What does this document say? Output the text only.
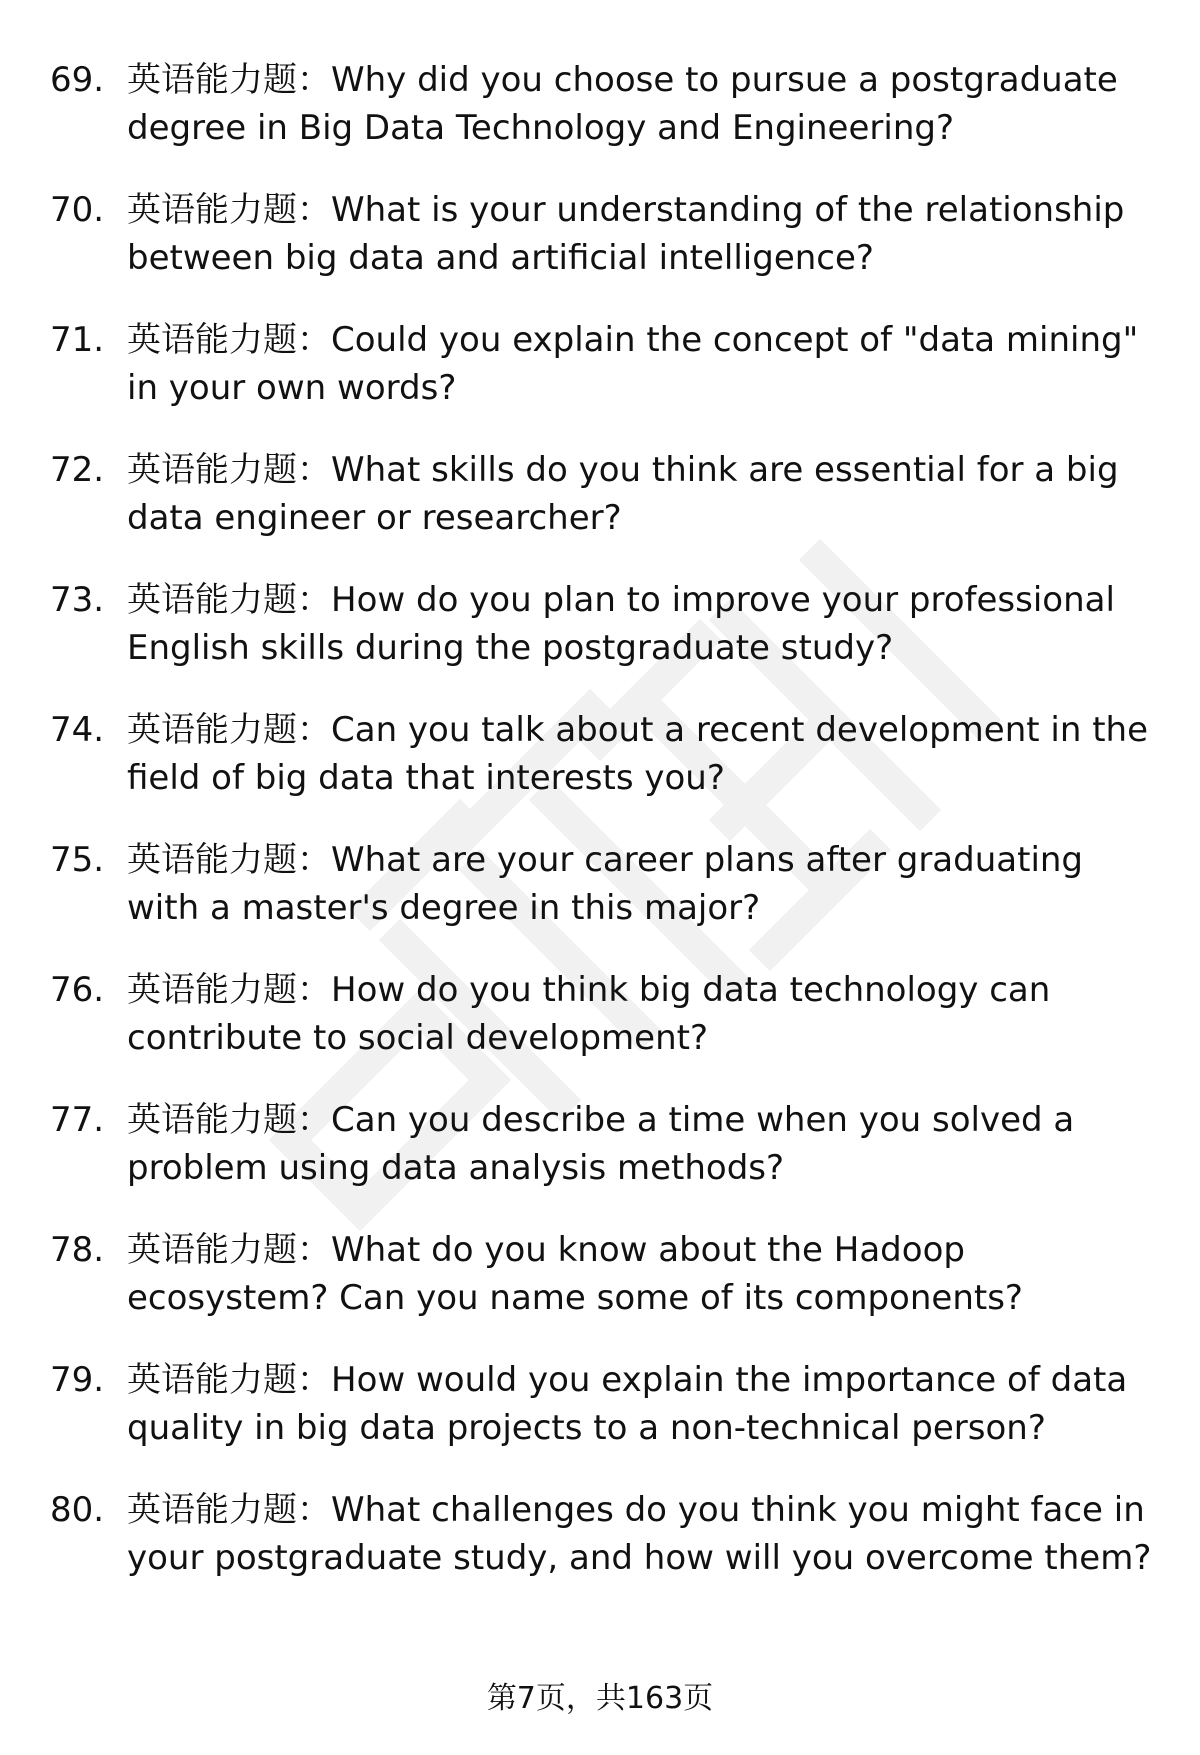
69. 英语能力题：Why did you choose to pursue a postgraduate degree in Big Data Technology and Engineering?
70. 英语能力题：What is your understanding of the relationship between big data and artificial intelligence?
71. 英语能力题：Could you explain the concept of "data mining" in your own words?
72. 英语能力题：What skills do you think are essential for a big data engineer or researcher?
73. 英语能力题：How do you plan to improve your professional English skills during the postgraduate study?
74. 英语能力题：Can you talk about a recent development in the field of big data that interests you?
75. 英语能力题：What are your career plans after graduating with a master's degree in this major?
76. 英语能力题：How do you think big data technology can contribute to social development?
77. 英语能力题：Can you describe a time when you solved a problem using data analysis methods?
78. 英语能力题：What do you know about the Hadoop ecosystem? Can you name some of its components?
79. 英语能力题：How would you explain the importance of data quality in big data projects to a non-technical person?
80. 英语能力题：What challenges do you think you might face in your postgraduate study, and how will you overcome them?
第7页，共163页
